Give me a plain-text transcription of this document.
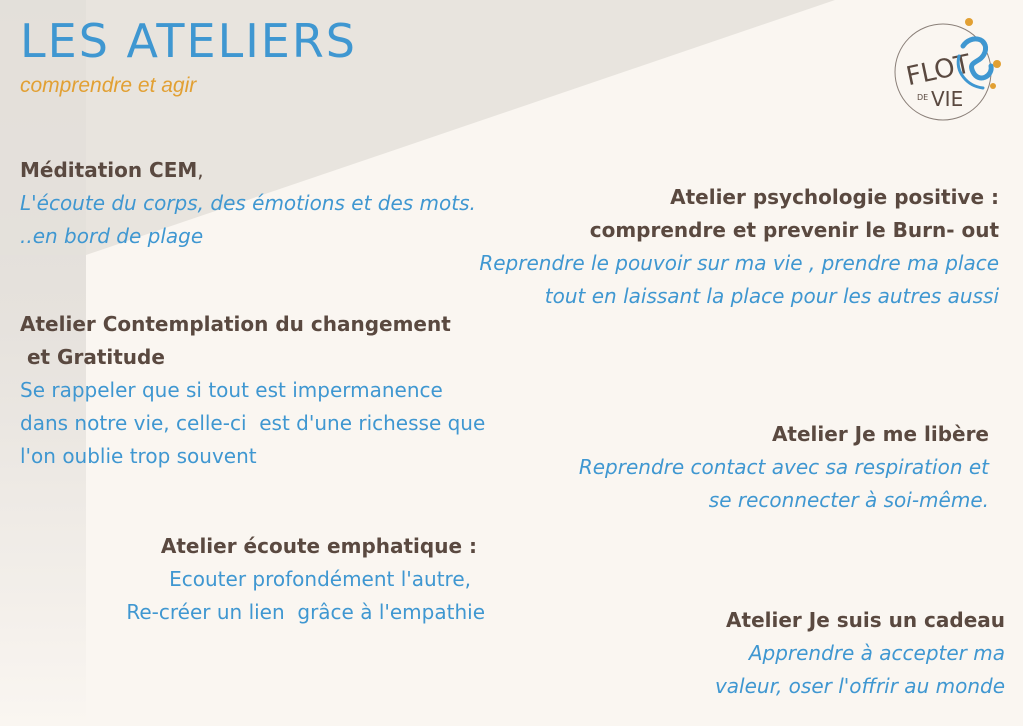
LES ATELIERS
comprendre et agir	FLOT
DE VIE
Méditation CEM,
L'écoute du corps, des émotions et des mots.
..en bord de plage
Atelier psychologie positive :
comprendre et prevenir le Burn- out
Reprendre le pouvoir sur ma vie , prendre ma place
tout en laissant la place pour les autres aussi
Atelier Contemplation du changement
et Gratitude
Se rappeler que si tout est impermanence
dans notre vie, celle-ci  est d'une richesse que
l'on oublie trop souvent
Atelier Je me libère
Reprendre contact avec sa respiration et
se reconnecter à soi-même.
Atelier écoute emphatique :
Ecouter profondément l'autre,
Re-créer un lien  grâce à l'empathie	Atelier Je suis un cadeau
Apprendre à accepter ma
valeur, oser l'offrir au monde
